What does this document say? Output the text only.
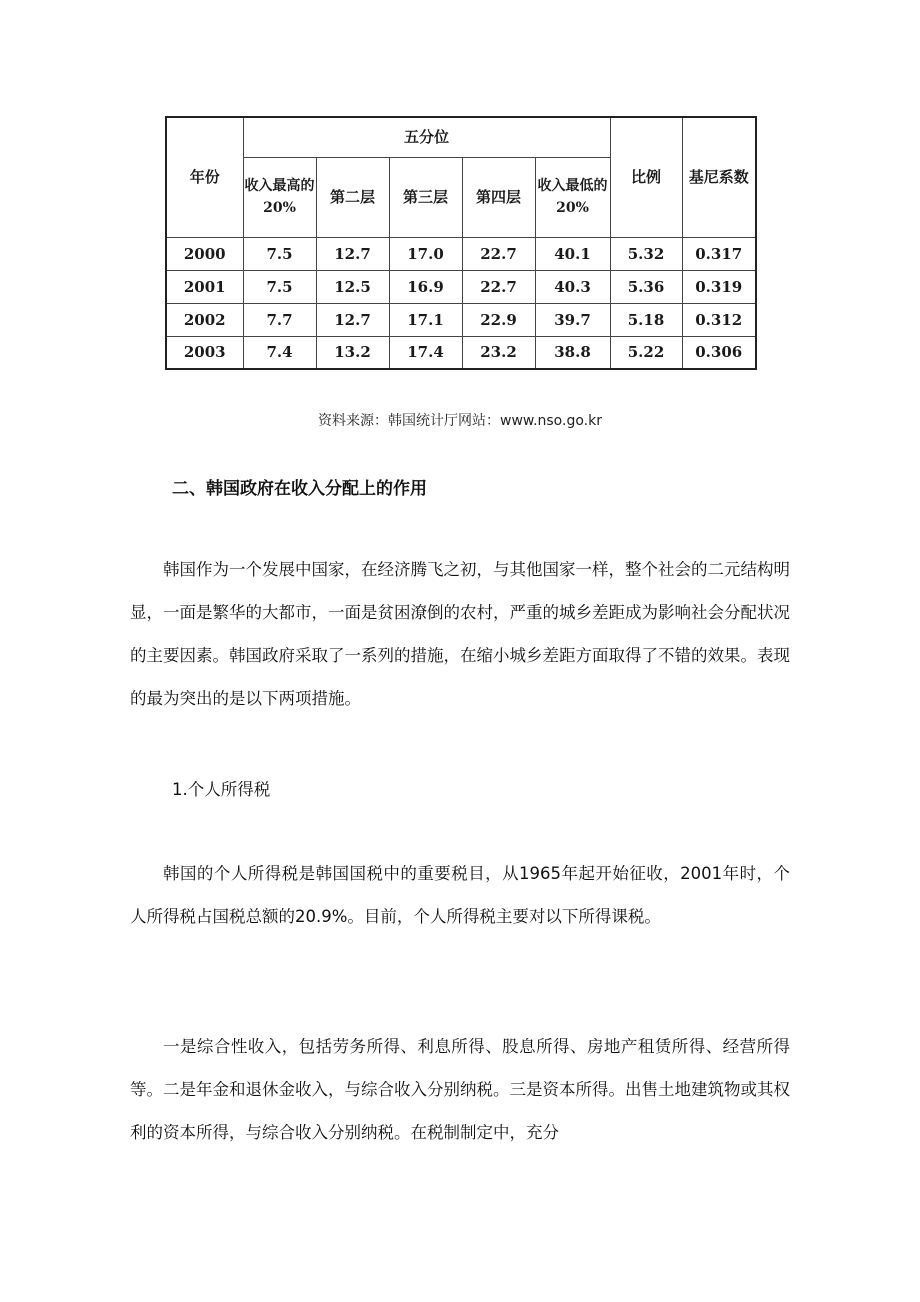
年份	五分位					比例	基尼系数
	收入最高的20%	第二层	第三层	第四层	收入最低的20%		
2000	7.5	12.7	17.0	22.7	40.1	5.32	0.317
2001	7.5	12.5	16.9	22.7	40.3	5.36	0.319
2002	7.7	12.7	17.1	22.9	39.7	5.18	0.312
2003	7.4	13.2	17.4	23.2	38.8	5.22	0.306
资料来源：韩国统计厅网站：www.nso.go.kr
二、韩国政府在收入分配上的作用

韩国作为一个发展中国家，在经济腾飞之初，与其他国家一样，整个社会的二元结构明显，一面是繁华的大都市，一面是贫困潦倒的农村，严重的城乡差距成为影响社会分配状况的主要因素。韩国政府采取了一系列的措施，在缩小城乡差距方面取得了不错的效果。表现的最为突出的是以下两项措施。

1.个人所得税

韩国的个人所得税是韩国国税中的重要税目，从1965年起开始征收，2001年时，个人所得税占国税总额的20.9%。目前，个人所得税主要对以下所得课税。

一是综合性收入，包括劳务所得、利息所得、股息所得、房地产租赁所得、经营所得等。二是年金和退休金收入，与综合收入分别纳税。三是资本所得。出售土地建筑物或其权利的资本所得，与综合收入分别纳税。在税制制定中，充分
